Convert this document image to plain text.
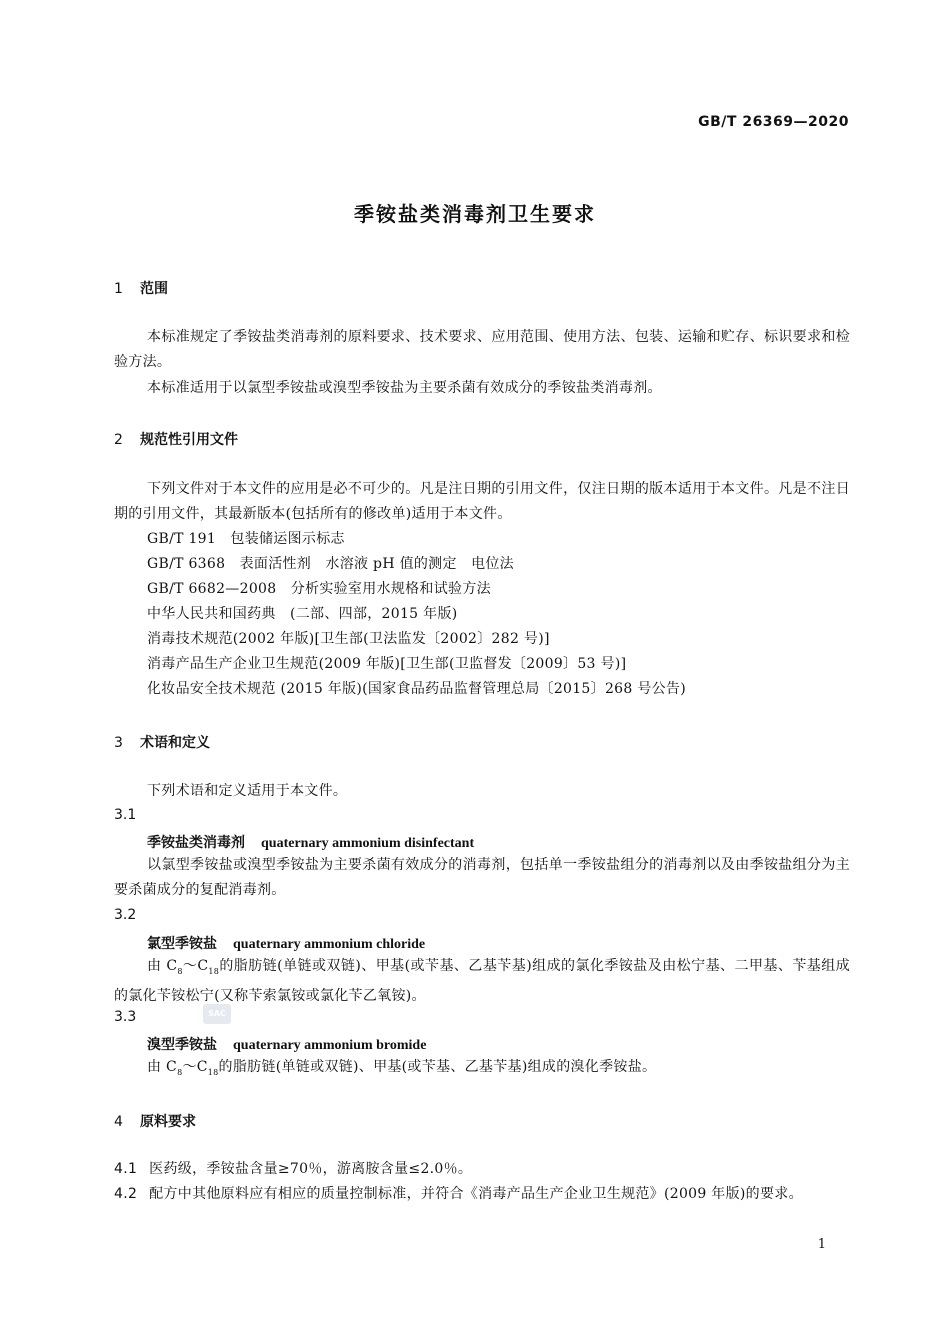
GB/T 26369—2020
季铵盐类消毒剂卫生要求
1 范围
本标准规定了季铵盐类消毒剂的原料要求、技术要求、应用范围、使用方法、包装、运输和贮存、标识要求和检验方法。
本标准适用于以氯型季铵盐或溴型季铵盐为主要杀菌有效成分的季铵盐类消毒剂。
2 规范性引用文件
下列文件对于本文件的应用是必不可少的。凡是注日期的引用文件，仅注日期的版本适用于本文件。凡是不注日期的引用文件，其最新版本(包括所有的修改单)适用于本文件。
GB/T 191　包装储运图示标志
GB/T 6368　表面活性剂　水溶液 pH 值的测定　电位法
GB/T 6682—2008　分析实验室用水规格和试验方法
中华人民共和国药典　(二部、四部，2015 年版)
消毒技术规范(2002 年版)[卫生部(卫法监发〔2002〕282 号)]
消毒产品生产企业卫生规范(2009 年版)[卫生部(卫监督发〔2009〕53 号)]
化妆品安全技术规范 (2015 年版)(国家食品药品监督管理总局〔2015〕268 号公告)
3 术语和定义
下列术语和定义适用于本文件。
3.1
季铵盐类消毒剂 quaternary ammonium disinfectant
以氯型季铵盐或溴型季铵盐为主要杀菌有效成分的消毒剂，包括单一季铵盐组分的消毒剂以及由季铵盐组分为主要杀菌成分的复配消毒剂。
3.2
氯型季铵盐 quaternary ammonium chloride
由 $C_8\sim C_{18}$的脂肪链(单链或双链)、甲基(或苄基、乙基苄基)组成的氯化季铵盐及由松宁基、二甲基、苄基组成的氯化苄铵松宁(又称苄索氯铵或氯化苄乙氧铵)。
3.3
溴型季铵盐 quaternary ammonium bromide
由 $C_8\sim C_{18}$的脂肪链(单链或双链)、甲基(或苄基、乙基苄基)组成的溴化季铵盐。
4 原料要求
4.1 医药级，季铵盐含量≥70％，游离胺含量≤2.0％。
4.2 配方中其他原料应有相应的质量控制标准，并符合《消毒产品生产企业卫生规范》(2009 年版)的要求。
SAC
1
